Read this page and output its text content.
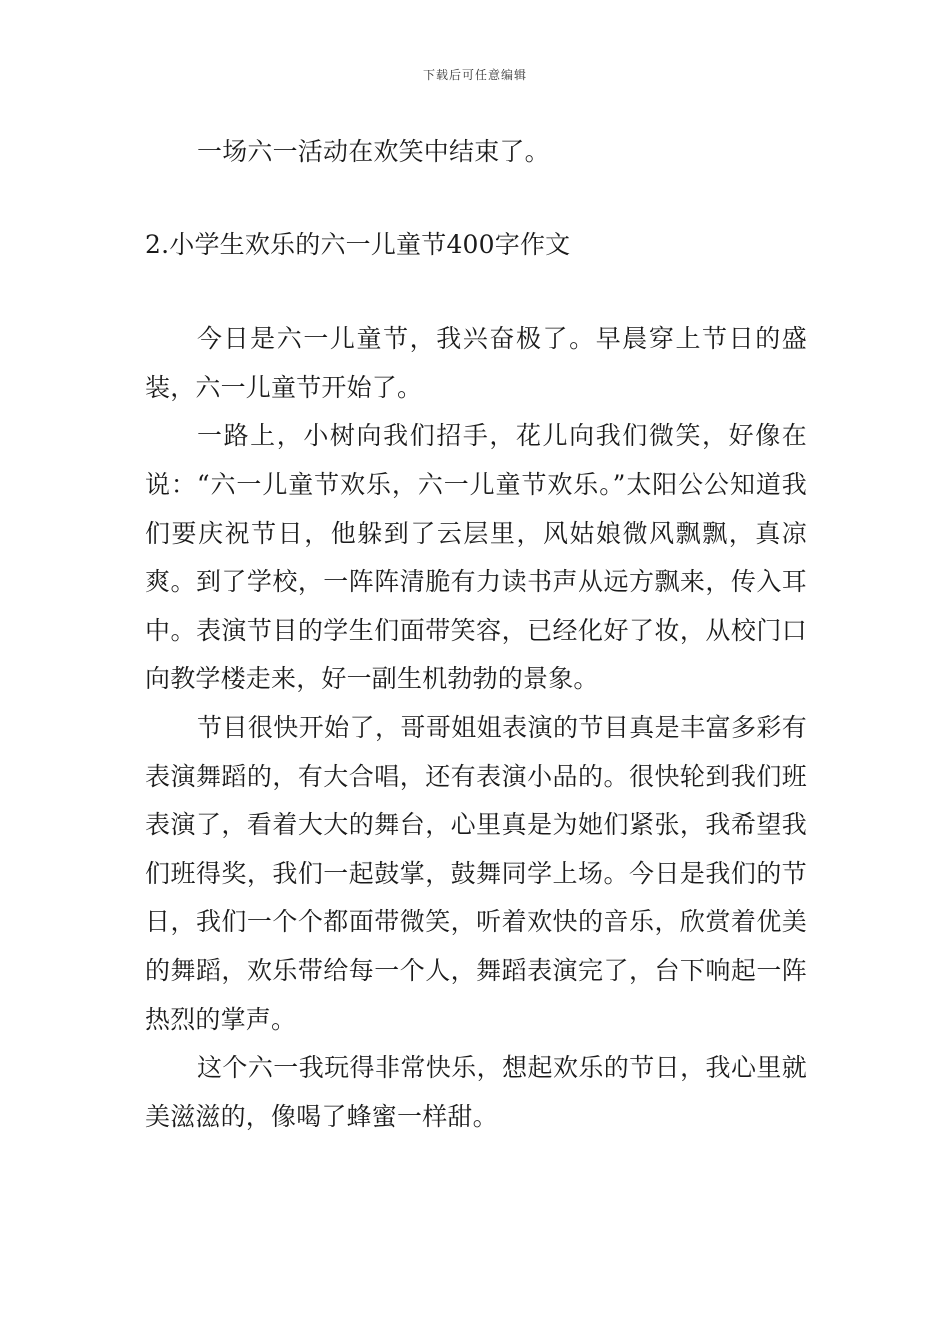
下载后可任意编辑

一场六一活动在欢笑中结束了。

2.小学生欢乐的六一儿童节400字作文

今日是六一儿童节，我兴奋极了。早晨穿上节日的盛装，六一儿童节开始了。

一路上，小树向我们招手，花儿向我们微笑，好像在说：“六一儿童节欢乐，六一儿童节欢乐。”太阳公公知道我们要庆祝节日，他躲到了云层里，风姑娘微风飘飘，真凉爽。到了学校，一阵阵清脆有力读书声从远方飘来，传入耳中。表演节目的学生们面带笑容，已经化好了妆，从校门口向教学楼走来，好一副生机勃勃的景象。

节目很快开始了，哥哥姐姐表演的节目真是丰富多彩有表演舞蹈的，有大合唱，还有表演小品的。很快轮到我们班表演了，看着大大的舞台，心里真是为她们紧张，我希望我们班得奖，我们一起鼓掌，鼓舞同学上场。今日是我们的节日，我们一个个都面带微笑，听着欢快的音乐，欣赏着优美的舞蹈，欢乐带给每一个人，舞蹈表演完了，台下响起一阵热烈的掌声。

这个六一我玩得非常快乐，想起欢乐的节日，我心里就美滋滋的，像喝了蜂蜜一样甜。
